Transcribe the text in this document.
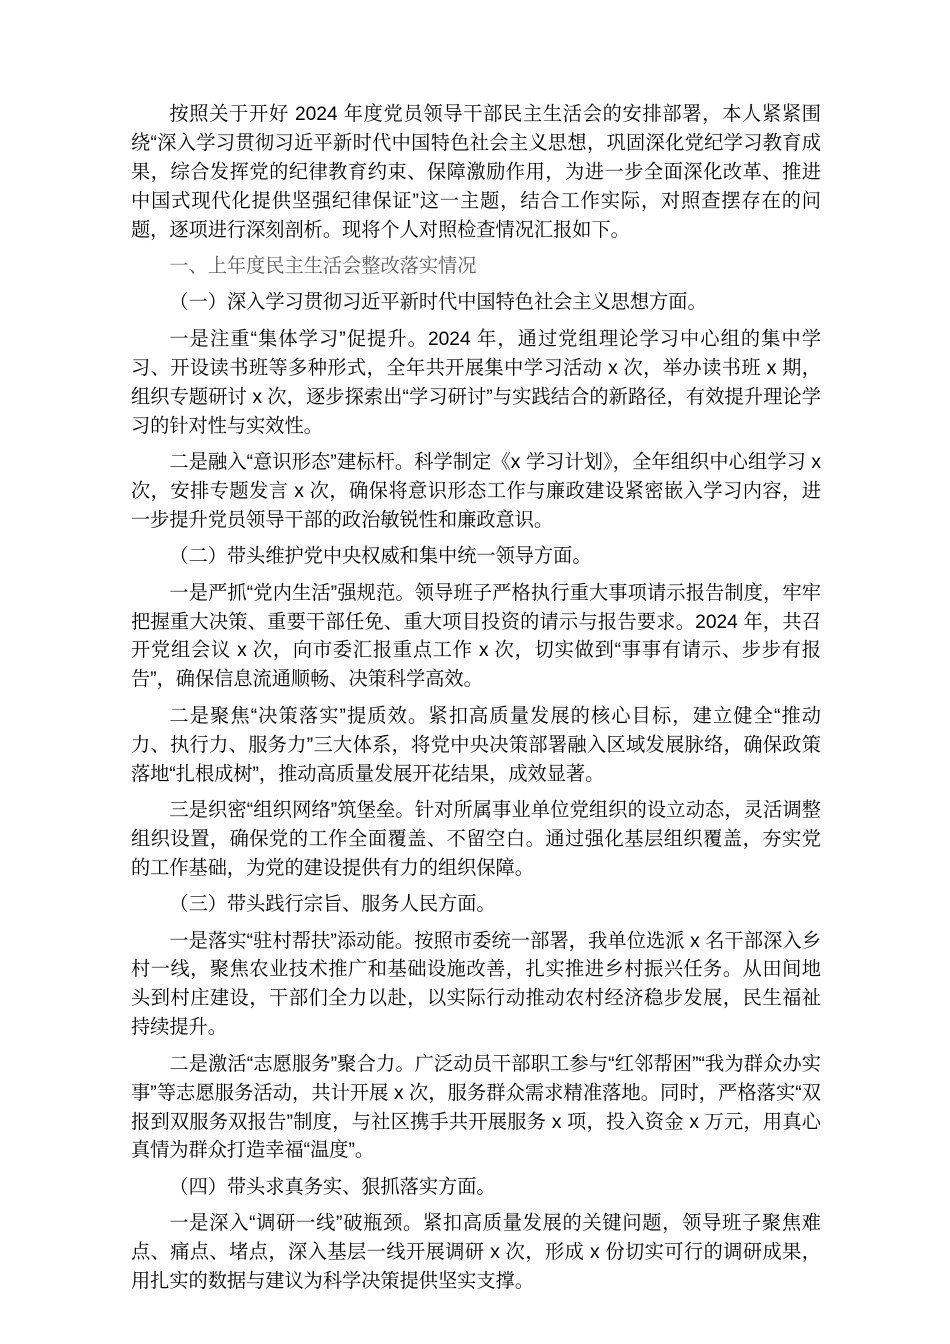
按照关于开好 2024 年度党员领导干部民主生活会的安排部署，本人紧紧围绕“深入学习贯彻习近平新时代中国特色社会主义思想，巩固深化党纪学习教育成果，综合发挥党的纪律教育约束、保障激励作用，为进一步全面深化改革、推进中国式现代化提供坚强纪律保证”这一主题，结合工作实际，对照查摆存在的问题，逐项进行深刻剖析。现将个人对照检查情况汇报如下。

一、上年度民主生活会整改落实情况

（一）深入学习贯彻习近平新时代中国特色社会主义思想方面。

一是注重“集体学习”促提升。2024 年，通过党组理论学习中心组的集中学习、开设读书班等多种形式，全年共开展集中学习活动 x 次，举办读书班 x 期，组织专题研讨 x 次，逐步探索出“学习研讨”与实践结合的新路径，有效提升理论学习的针对性与实效性。

二是融入“意识形态”建标杆。科学制定《x 学习计划》，全年组织中心组学习 x 次，安排专题发言 x 次，确保将意识形态工作与廉政建设紧密嵌入学习内容，进一步提升党员领导干部的政治敏锐性和廉政意识。

（二）带头维护党中央权威和集中统一领导方面。

一是严抓“党内生活”强规范。领导班子严格执行重大事项请示报告制度，牢牢把握重大决策、重要干部任免、重大项目投资的请示与报告要求。2024 年，共召开党组会议 x 次，向市委汇报重点工作 x 次，切实做到“事事有请示、步步有报告”，确保信息流通顺畅、决策科学高效。

二是聚焦“决策落实”提质效。紧扣高质量发展的核心目标，建立健全“推动力、执行力、服务力”三大体系，将党中央决策部署融入区域发展脉络，确保政策落地“扎根成树”，推动高质量发展开花结果，成效显著。

三是织密“组织网络”筑堡垒。针对所属事业单位党组织的设立动态，灵活调整组织设置，确保党的工作全面覆盖、不留空白。通过强化基层组织覆盖，夯实党的工作基础，为党的建设提供有力的组织保障。

（三）带头践行宗旨、服务人民方面。

一是落实“驻村帮扶”添动能。按照市委统一部署，我单位选派 x 名干部深入乡村一线，聚焦农业技术推广和基础设施改善，扎实推进乡村振兴任务。从田间地头到村庄建设，干部们全力以赴，以实际行动推动农村经济稳步发展，民生福祉持续提升。

二是激活“志愿服务”聚合力。广泛动员干部职工参与“红邻帮困”“我为群众办实事”等志愿服务活动，共计开展 x 次，服务群众需求精准落地。同时，严格落实“双报到双服务双报告”制度，与社区携手共开展服务 x 项，投入资金 x 万元，用真心真情为群众打造幸福“温度”。

（四）带头求真务实、狠抓落实方面。

一是深入“调研一线”破瓶颈。紧扣高质量发展的关键问题，领导班子聚焦难点、痛点、堵点，深入基层一线开展调研 x 次，形成 x 份切实可行的调研成果，用扎实的数据与建议为科学决策提供坚实支撑。
